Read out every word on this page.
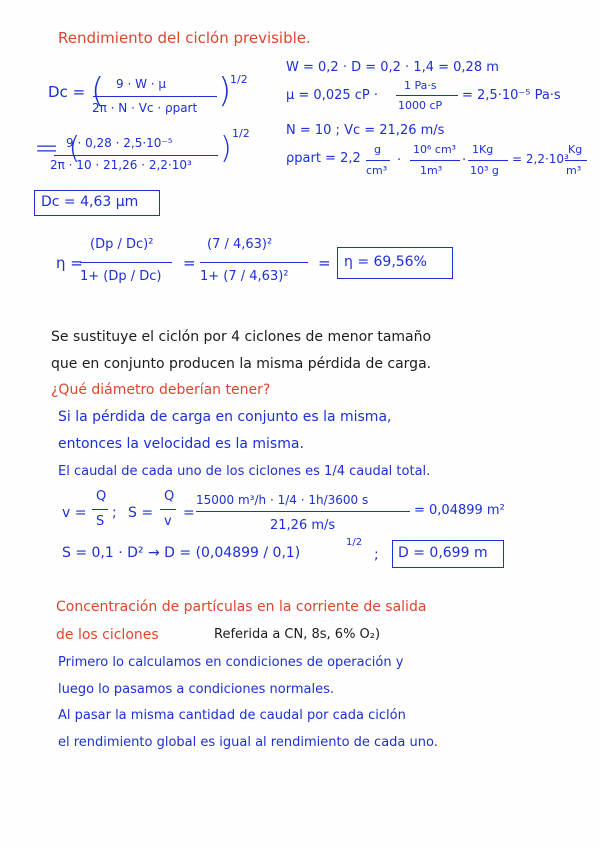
Rendimiento del ciclón previsible.
Dc = ( 9 · W · μ
2π · N · Vc · ρpart )
1/2
= (
9 · 0,28 · 2,5·10⁻⁵
2π · 10 · 21,26 · 2,2·10³ ) 1/2
Dc = 4,63 μm
W = 0,2 · D = 0,2 · 1,4 = 0,28 m
μ = 0,025 cP ·
1 Pa·s
1000 cP
= 2,5·10⁻⁵ Pa·s
N = 10 ; Vc = 21,26 m/s
ρpart = 2,2
g
cm³
·
10⁶ cm³
1m³
·
1Kg
10³ g
= 2,2·10³
Kg
m³
η =
(Dp / Dc)²
1+ (Dp / Dc)
=
(7 / 4,63)²
1+ (7 / 4,63)²
= η = 69,56%
Se sustituye el ciclón por 4 ciclones de menor tamaño
que en conjunto producen la misma pérdida de carga.
¿Qué diámetro deberían tener?
Si la pérdida de carga en conjunto es la misma,
entonces la velocidad es la misma.
El caudal de cada uno de los ciclones es 1/4 caudal total.
v =
Q
S
; S =
Q
v
=
15000 m³/h · 1/4 · 1h/3600 s
21,26 m/s
= 0,04899 m²
S = 0,1 · D² → D = (0,04899 / 0,1)
1/2
; D = 0,699 m
Concentración de partículas en la corriente de salida
de los ciclones	Referida a CN, 8s, 6% O₂)
Primero lo calculamos en condiciones de operación y
luego lo pasamos a condiciones normales.
Al pasar la misma cantidad de caudal por cada ciclón
el rendimiento global es igual al rendimiento de cada uno.
